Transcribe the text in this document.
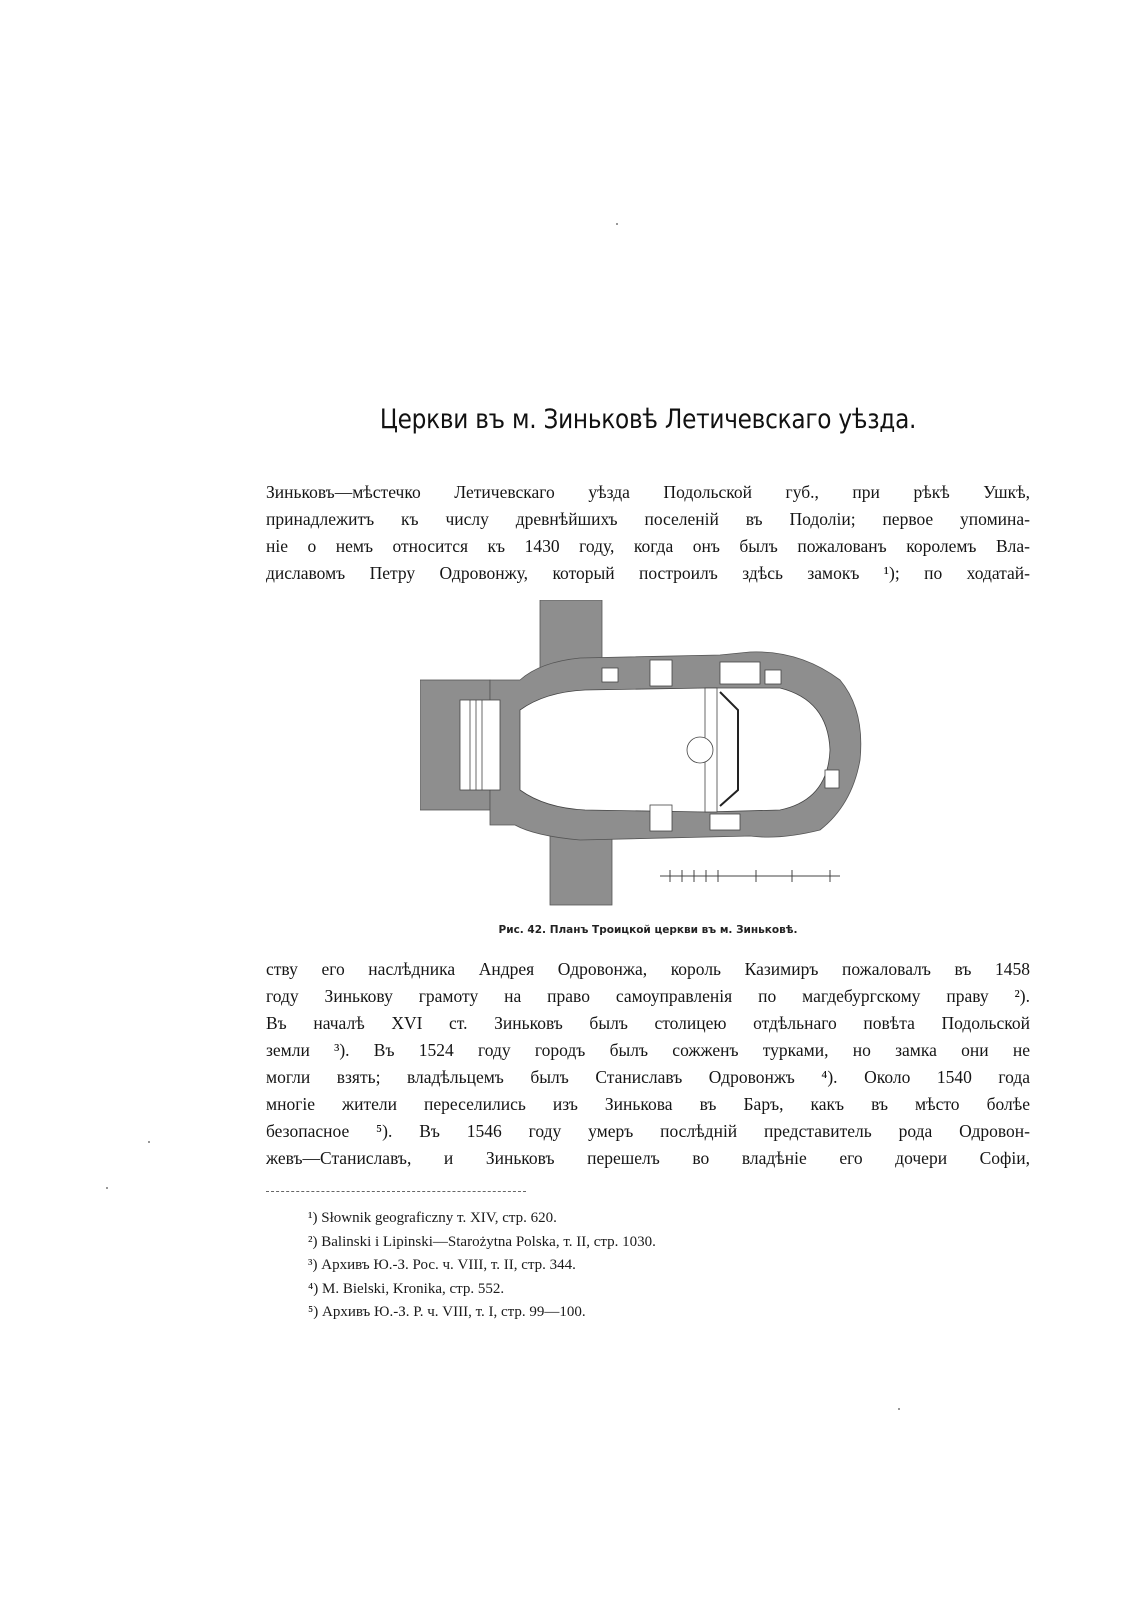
Церкви въ м. Зиньковѣ Летичевскаго уѣзда.
Зиньковъ—мѣстечко Летичевскаго уѣзда Подольской губ., при рѣкѣ Ушкѣ,
принадлежитъ къ числу древнѣйшихъ поселеній въ Подоліи; первое упомина-
ніе о немъ относится къ 1430 году, когда онъ былъ пожалованъ королемъ Вла-
диславомъ Петру Одровонжу, который построилъ здѣсь замокъ ¹); по ходатай-
Рис. 42. Планъ Троицкой церкви въ м. Зиньковѣ.
ству его наслѣдника Андрея Одровонжа, король Казимиръ пожаловалъ въ 1458
году Зинькову грамоту на право самоуправленія по магдебургскому праву ²).
Въ началѣ XVI ст. Зиньковъ былъ столицею отдѣльнаго повѣта Подольской
земли ³). Въ 1524 году городъ былъ сожженъ турками, но замка они не
могли взять; владѣльцемъ былъ Станиславъ Одровонжъ ⁴). Около 1540 года
многіе жители переселились изъ Зинькова въ Баръ, какъ въ мѣсто болѣе
безопасное ⁵). Въ 1546 году умеръ послѣдній представитель рода Одровон-
жевъ—Станиславъ, и Зиньковъ перешелъ во владѣніе его дочери Софіи,
¹) Słownik geograficzny т. XIV, стр. 620.
²) Balinski i Lipinski—Starożytna Polska, т. II, стр. 1030.
³) Архивъ Ю.-З. Рос. ч. VIII, т. II, стр. 344.
⁴) M. Bielski, Kronika, стр. 552.
⁵) Архивъ Ю.-З. Р. ч. VIII, т. I, стр. 99—100.
